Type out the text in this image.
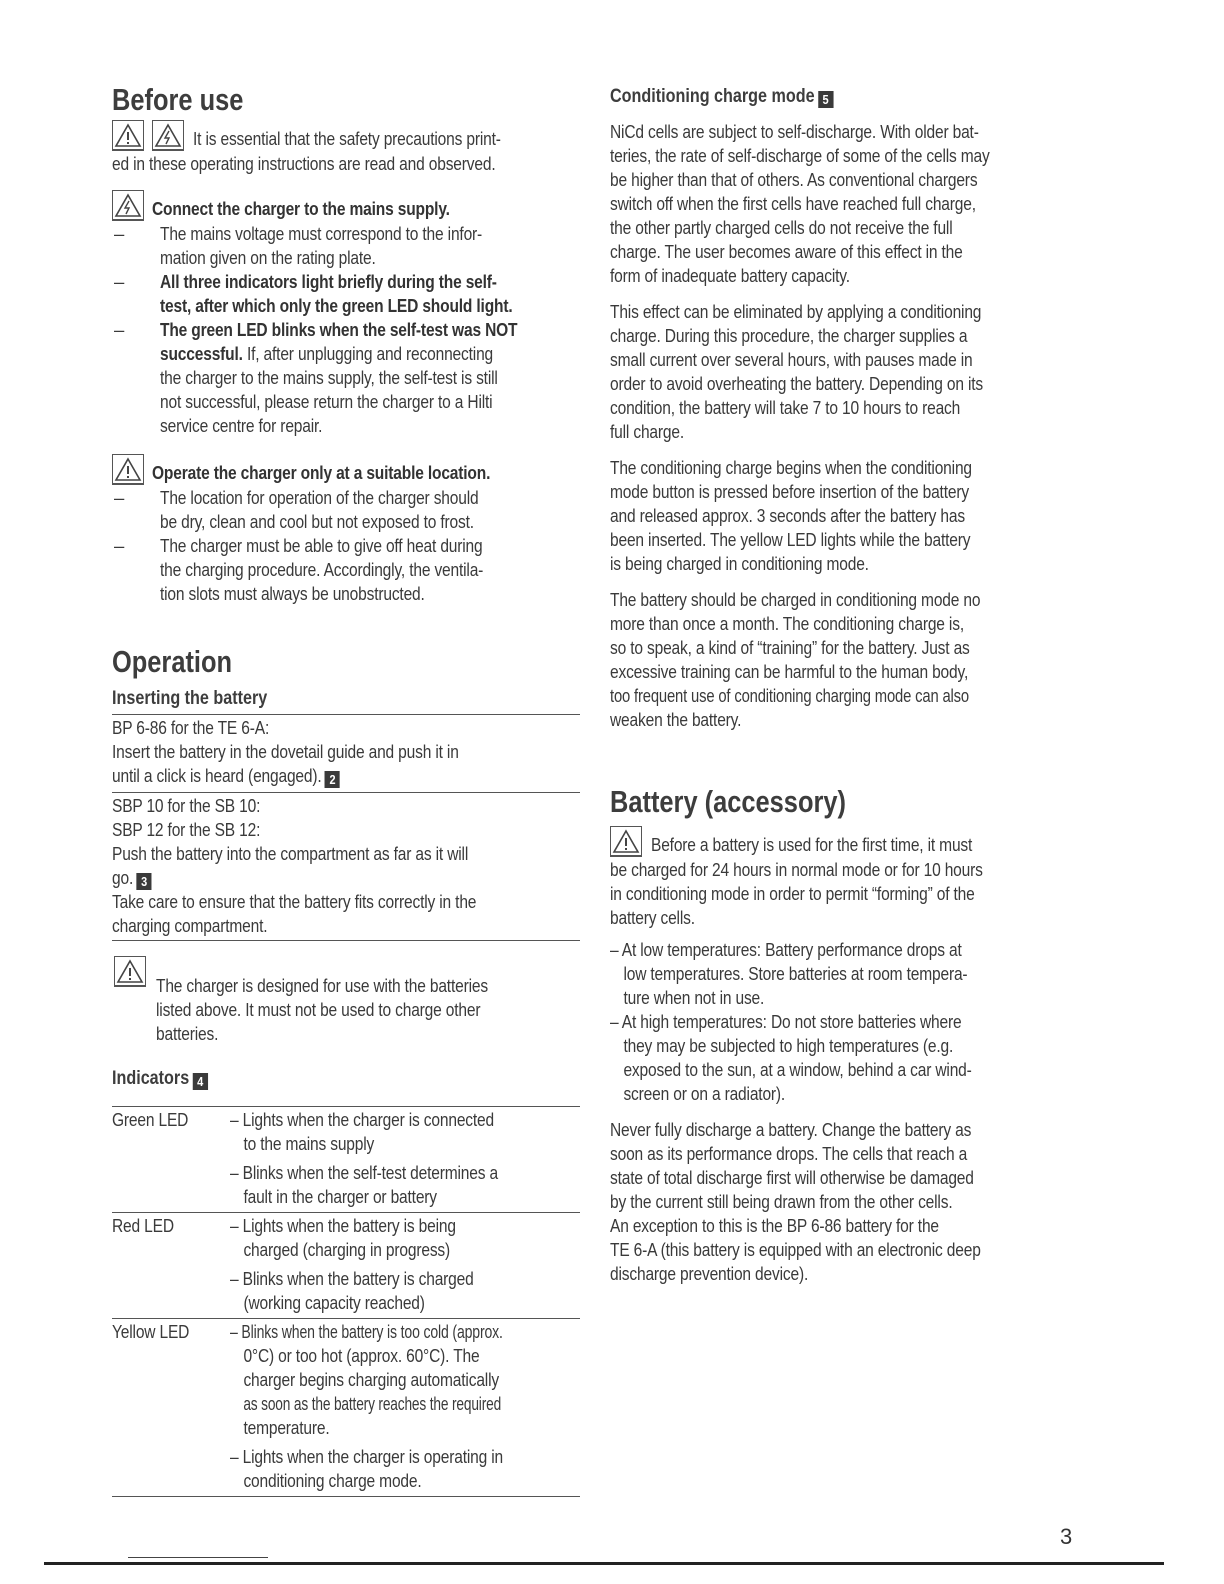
Before use

It is essential that the safety precautions print-
ed in these operating instructions are read and observed.
Connect the charger to the mains supply.
– The mains voltage must correspond to the infor-
mation given on the rating plate.
– All three indicators light briefly during the self-
test, after which only the green LED should light.
– The green LED blinks when the self-test was NOT
successful. If, after unplugging and reconnecting
the charger to the mains supply, the self-test is still
not successful, please return the charger to a Hilti
service centre for repair.
Operate the charger only at a suitable location.
– The location for operation of the charger should
be dry, clean and cool but not exposed to frost.
– The charger must be able to give off heat during
the charging procedure. Accordingly, the ventila-
tion slots must always be unobstructed.
Operation
Inserting the battery
BP 6-86 for the TE 6-A:
Insert the battery in the dovetail guide and push it in
until a click is heard (engaged). 2
SBP 10 for the SB 10:
SBP 12 for the SB 12:
Push the battery into the compartment as far as it will
go. 3
Take care to ensure that the battery fits correctly in the
charging compartment.
The charger is designed for use with the batteries
listed above. It must not be used to charge other
batteries.
Indicators 4
Green LED – Lights when the charger is connected
to the mains supply
– Blinks when the self-test determines a
fault in the charger or battery
Red LED	– Lights when the battery is being
charged (charging in progress)
– Blinks when the battery is charged
(working capacity reached)
Yellow LED – Blinks when the battery is too cold (approx.
0°C) or too hot (approx. 60°C). The
charger begins charging automatically
as soon as the battery reaches the required
temperature.
– Lights when the charger is operating in
conditioning charge mode.
Conditioning charge mode 5
NiCd cells are subject to self-discharge. With older bat-
teries, the rate of self-discharge of some of the cells may
be higher than that of others. As conventional chargers
switch off when the first cells have reached full charge,
the other partly charged cells do not receive the full
charge. The user becomes aware of this effect in the
form of inadequate battery capacity.
This effect can be eliminated by applying a conditioning
charge. During this procedure, the charger supplies a
small current over several hours, with pauses made in
order to avoid overheating the battery. Depending on its
condition, the battery will take 7 to 10 hours to reach
full charge.
The conditioning charge begins when the conditioning
mode button is pressed before insertion of the battery
and released approx. 3 seconds after the battery has
been inserted. The yellow LED lights while the battery
is being charged in conditioning mode.
The battery should be charged in conditioning mode no
more than once a month. The conditioning charge is,
so to speak, a kind of “training” for the battery. Just as
excessive training can be harmful to the human body,
too frequent use of conditioning charging mode can also
weaken the battery.
Battery (accessory)
Before a battery is used for the first time, it must
be charged for 24 hours in normal mode or for 10 hours
in conditioning mode in order to permit “forming” of the
battery cells.
– At low temperatures: Battery performance drops at
low temperatures. Store batteries at room tempera-
ture when not in use.
– At high temperatures: Do not store batteries where
they may be subjected to high temperatures (e.g.
exposed to the sun, at a window, behind a car wind-
screen or on a radiator).
Never fully discharge a battery. Change the battery as
soon as its performance drops. The cells that reach a
state of total discharge first will otherwise be damaged
by the current still being drawn from the other cells.
An exception to this is the BP 6-86 battery for the
TE 6-A (this battery is equipped with an electronic deep
discharge prevention device).
3
